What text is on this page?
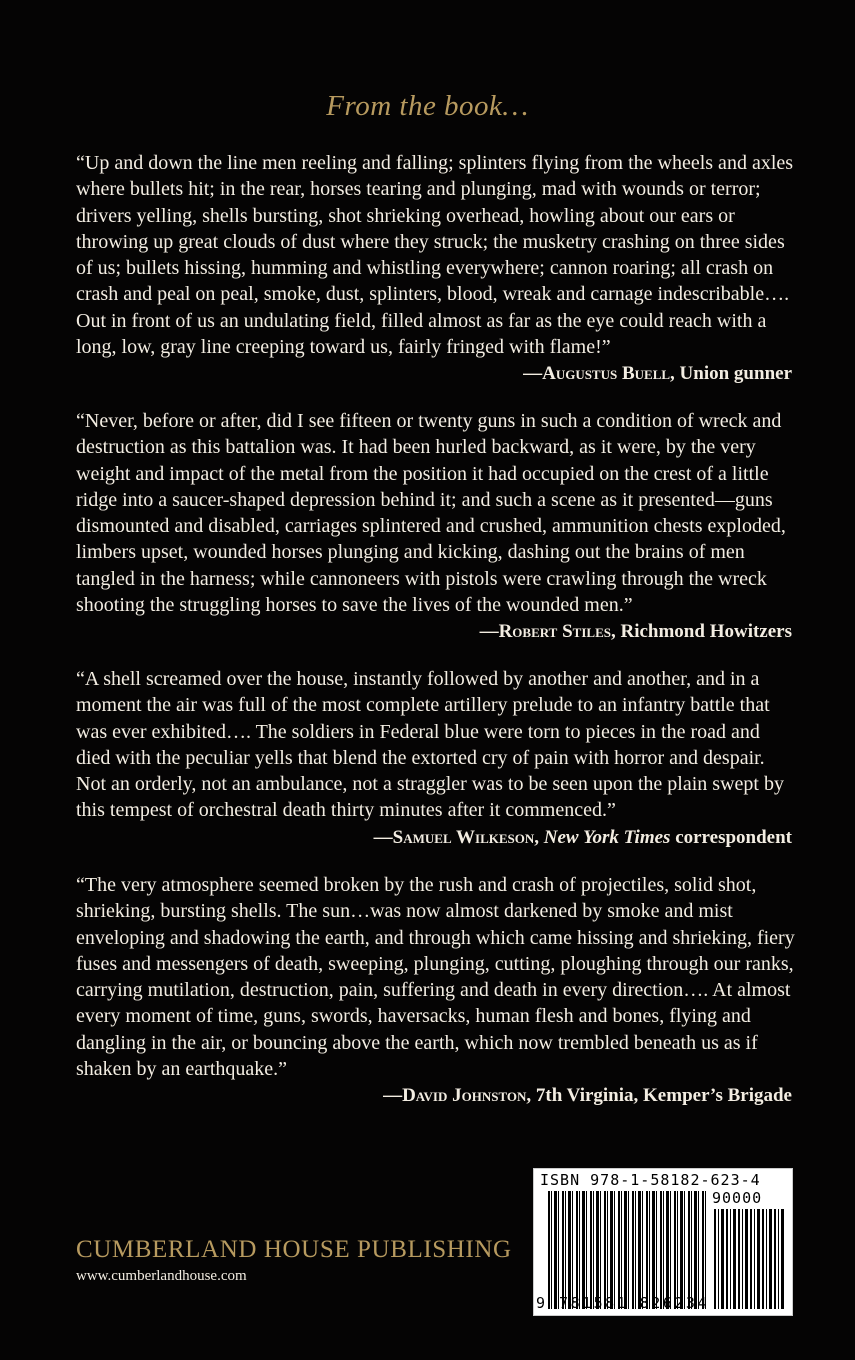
From the book…

“Up and down the line men reeling and falling; splinters flying from the wheels and axles where bullets hit; in the rear, horses tearing and plunging, mad with wounds or terror; drivers yelling, shells bursting, shot shrieking overhead, howling about our ears or throwing up great clouds of dust where they struck; the musketry crashing on three sides of us; bullets hissing, humming and whistling everywhere; cannon roaring; all crash on crash and peal on peal, smoke, dust, splinters, blood, wreak and carnage indescribable…. Out in front of us an undulating field, filled almost as far as the eye could reach with a long, low, gray line creeping toward us, fairly fringed with flame!”

—Augustus Buell, Union gunner

“Never, before or after, did I see fifteen or twenty guns in such a condition of wreck and destruction as this battalion was. It had been hurled backward, as it were, by the very weight and impact of the metal from the position it had occupied on the crest of a little ridge into a saucer-shaped depression behind it; and such a scene as it presented—guns dismounted and disabled, carriages splintered and crushed, ammunition chests exploded, limbers upset, wounded horses plunging and kicking, dashing out the brains of men tangled in the harness; while cannoneers with pistols were crawling through the wreck shooting the struggling horses to save the lives of the wounded men.”

—Robert Stiles, Richmond Howitzers

“A shell screamed over the house, instantly followed by another and another, and in a moment the air was full of the most complete artillery prelude to an infantry battle that was ever exhibited…. The soldiers in Federal blue were torn to pieces in the road and died with the peculiar yells that blend the extorted cry of pain with horror and despair. Not an orderly, not an ambulance, not a straggler was to be seen upon the plain swept by this tempest of orchestral death thirty minutes after it commenced.”

—Samuel Wilkeson, New York Times correspondent

“The very atmosphere seemed broken by the rush and crash of projectiles, solid shot, shrieking, bursting shells. The sun…was now almost darkened by smoke and mist enveloping and shadowing the earth, and through which came hissing and shrieking, fiery fuses and messengers of death, sweeping, plunging, cutting, ploughing through our ranks, carrying mutilation, destruction, pain, suffering and death in every direction…. At almost every moment of time, guns, swords, haversacks, human flesh and bones, flying and dangling in the air, or bouncing above the earth, which now trembled beneath us as if shaken by an earthquake.”

—David Johnston, 7th Virginia, Kemper’s Brigade
CUMBERLAND HOUSE PUBLISHING
www.cumberlandhouse.com
ISBN 978-1-58182-623-4
90000
9 781581 826234
